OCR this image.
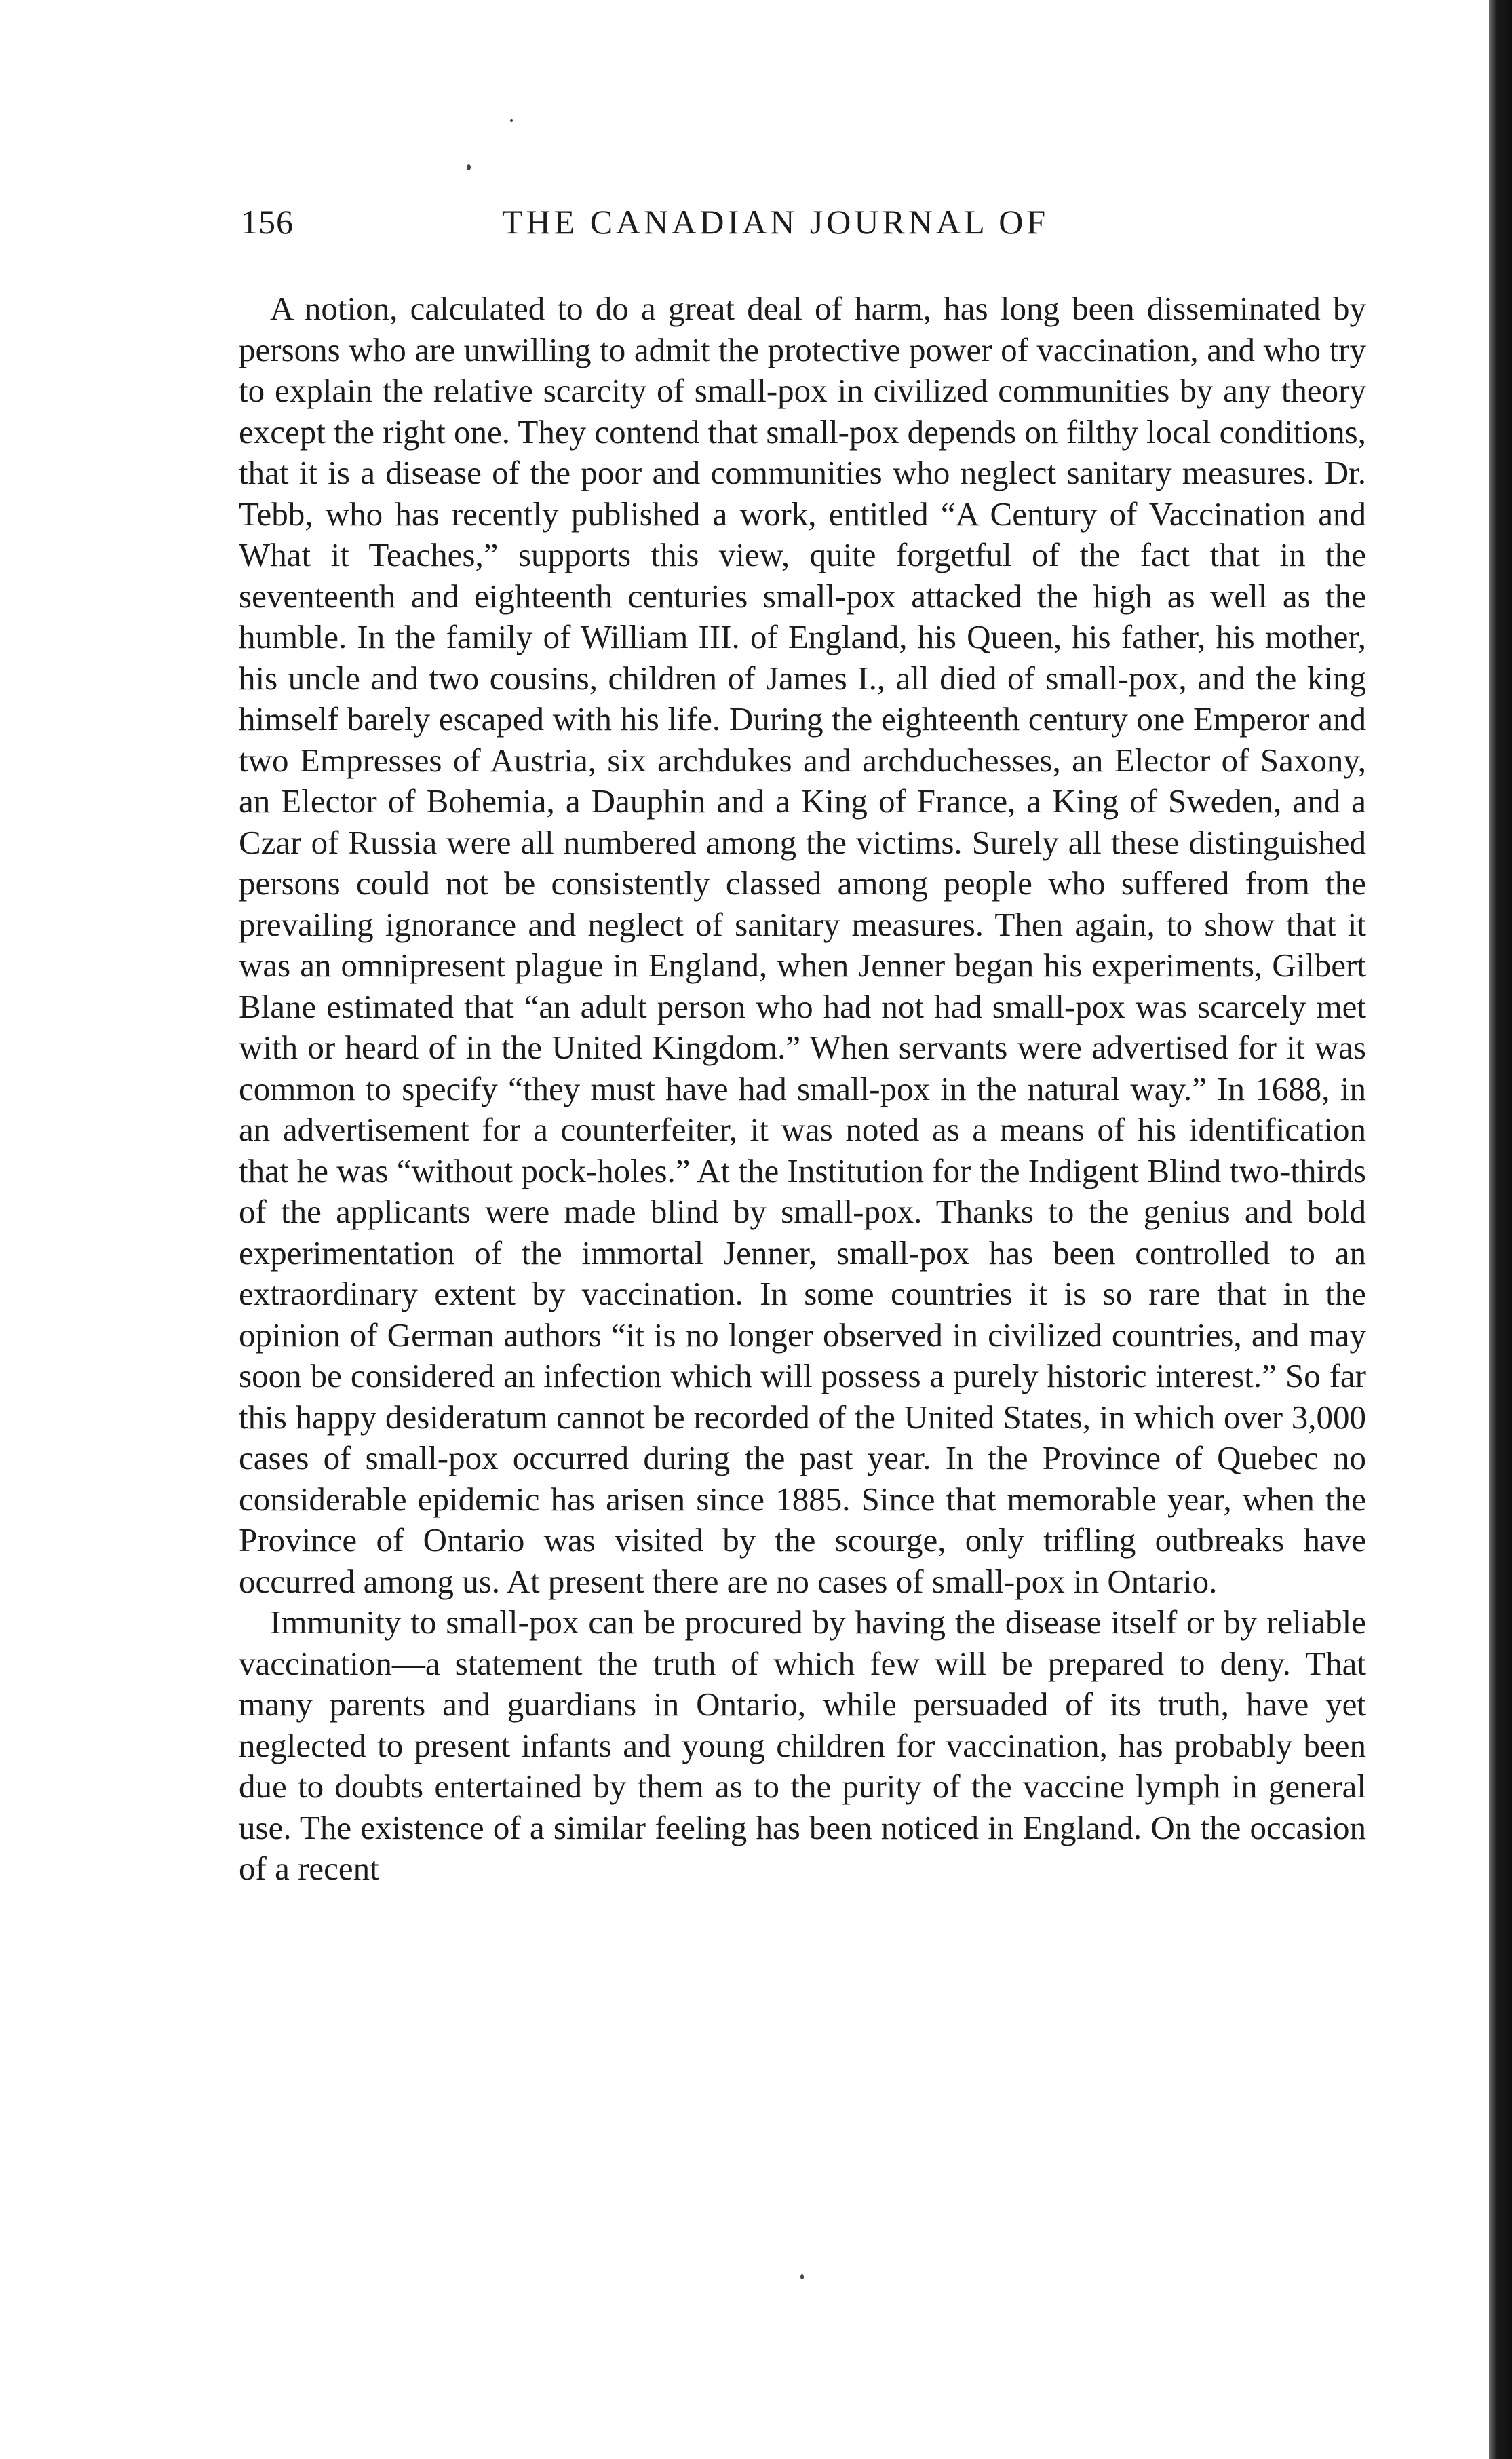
156	THE CANADIAN JOURNAL OF

A notion, calculated to do a great deal of harm, has long been disseminated by persons who are unwilling to admit the protective power of vaccination, and who try to explain the relative scarcity of small-pox in civilized communities by any theory except the right one. They contend that small-pox depends on filthy local conditions, that it is a disease of the poor and communities who neglect sanitary measures. Dr. Tebb, who has recently published a work, entitled “A Century of Vaccination and What it Teaches,” supports this view, quite forgetful of the fact that in the seventeenth and eighteenth centuries small-pox attacked the high as well as the humble. In the family of William III. of England, his Queen, his father, his mother, his uncle and two cousins, children of James I., all died of small-pox, and the king himself barely escaped with his life. During the eighteenth century one Emperor and two Empresses of Austria, six archdukes and archduchesses, an Elector of Saxony, an Elector of Bohemia, a Dauphin and a King of France, a King of Sweden, and a Czar of Russia were all numbered among the victims. Surely all these distinguished persons could not be consistently classed among people who suffered from the prevailing ignorance and neglect of sanitary measures. Then again, to show that it was an omnipresent plague in England, when Jenner began his experiments, Gilbert Blane estimated that “an adult person who had not had small-pox was scarcely met with or heard of in the United Kingdom.” When servants were advertised for it was common to specify “they must have had small-pox in the natural way.” In 1688, in an advertisement for a counterfeiter, it was noted as a means of his identification that he was “without pock-holes.” At the Institution for the Indigent Blind two-thirds of the applicants were made blind by small-pox. Thanks to the genius and bold experimentation of the immortal Jenner, small-pox has been controlled to an extraordinary extent by vaccination. In some countries it is so rare that in the opinion of German authors “it is no longer observed in civilized countries, and may soon be considered an infection which will possess a purely historic interest.” So far this happy desideratum cannot be recorded of the United States, in which over 3,000 cases of small-pox occurred during the past year. In the Province of Quebec no considerable epidemic has arisen since 1885. Since that memorable year, when the Province of Ontario was visited by the scourge, only trifling outbreaks have occurred among us. At present there are no cases of small-pox in Ontario.

Immunity to small-pox can be procured by having the disease itself or by reliable vaccination—a statement the truth of which few will be prepared to deny. That many parents and guardians in Ontario, while persuaded of its truth, have yet neglected to present infants and young children for vaccination, has probably been due to doubts entertained by them as to the purity of the vaccine lymph in general use. The existence of a similar feeling has been noticed in England. On the occasion of a recent
